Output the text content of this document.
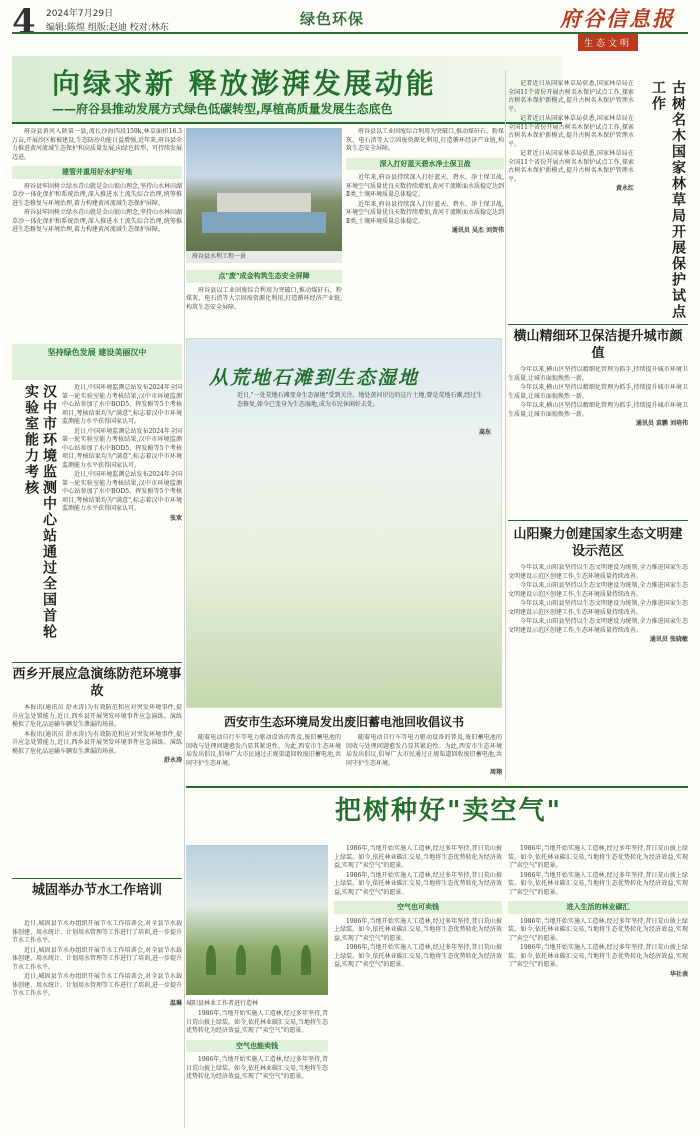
4 2024年7月29日
编辑:陈煌 组版:赵迪 校对:林东	绿色环保	府谷信息报
生态文明
向绿求新 释放澎湃发展动能
——府谷县推动发展方式绿色低碳转型,厚植高质量发展生态底色

府谷县黄河入陕第一县,流长沙海四段159k,林草面积16.3万亩,开展沙区植被建设,生态防沙功能日益增强,近年来,府谷县全力推进黄河流域生态保护和高质量发展,向绿色转型、可持续发展迈进。

建管并重用好水护好地

府谷县牢固树立绿水青山就是金山银山理念,坚持山水林田湖草沙一体化保护和系统治理,深入推进水土流失综合治理,统筹推进生态修复与环境治理,着力构建黄河流域生态保护屏障。

府谷县牢固树立绿水青山就是金山银山理念,坚持山水林田湖草沙一体化保护和系统治理,深入推进水土流失综合治理,统筹推进生态修复与环境治理,着力构建黄河流域生态保护屏障。

府谷县水利工程一景
点"废"成金构筑生态安全屏障

府谷县以工业固废综合利用为突破口,推动煤矸石、粉煤灰、电石渣等大宗固废资源化利用,打造循环经济产业链,构筑生态安全屏障。

府谷县以工业固废综合利用为突破口,推动煤矸石、粉煤灰、电石渣等大宗固废资源化利用,打造循环经济产业链,构筑生态安全屏障。

深入打好蓝天碧水净土保卫战

近年来,府谷县持续深入打好蓝天、碧水、净土保卫战,环境空气质量优良天数持续增加,黄河干流断面水质稳定达到Ⅱ类,土壤环境质量总体稳定。

近年来,府谷县持续深入打好蓝天、碧水、净土保卫战,环境空气质量优良天数持续增加,黄河干流断面水质稳定达到Ⅱ类,土壤环境质量总体稳定。

通讯员 吴杰 刘贺伟
坚持绿色发展 建设美丽汉中
汉中市环境监测中心站通过全国首轮实验室能力考核	近日,中国环境监测总站发布2024年全国第一轮实验室能力考核结果,汉中市环境监测中心站参加了水中BOD5、挥发酚等5个考核项目,考核结果均为"满意",标志着汉中市环境监测能力水平获得国家认可。

近日,中国环境监测总站发布2024年全国第一轮实验室能力考核结果,汉中市环境监测中心站参加了水中BOD5、挥发酚等5个考核项目,考核结果均为"满意",标志着汉中市环境监测能力水平获得国家认可。

近日,中国环境监测总站发布2024年全国第一轮实验室能力考核结果,汉中市环境监测中心站参加了水中BOD5、挥发酚等5个考核项目,考核结果均为"满意",标志着汉中市环境监测能力水平获得国家认可。

张欢
西乡开展应急演练防范环境事故

本报讯(通讯员 舒永涛)为有效防范和应对突发环境事件,提升应急处置能力,近日,西乡县开展突发环境事件应急演练。演练模拟了危化品运输车辆发生泄漏的场景。

本报讯(通讯员 舒永涛)为有效防范和应对突发环境事件,提升应急处置能力,近日,西乡县开展突发环境事件应急演练。演练模拟了危化品运输车辆发生泄漏的场景。

舒永涛
城固举办节水工作培训

近日,城固县节水办组织开展节水工作培训会,对全县节水载体创建、用水统计、计划用水管理等工作进行了培训,进一步提升节水工作水平。

近日,城固县节水办组织开展节水工作培训会,对全县节水载体创建、用水统计、计划用水管理等工作进行了培训,进一步提升节水工作水平。

近日,城固县节水办组织开展节水工作培训会,对全县节水载体创建、用水统计、计划用水管理等工作进行了培训,进一步提升节水工作水平。

温琳
从荒地石滩到生态湿地
近日,"一处荒地石滩变身生态湿地"受到关注。地处黄河岸边的这片土地,曾是荒地石滩,经过生态修复,如今已变身为生态湿地,成为市民休闲好去处。
高东
西安市生态环境局发出废旧蓄电池回收倡议书

随着电动自行车等电力驱动设备的普及,废旧蓄电池的回收与处理问题愈发凸显其紧迫性。为此,西安市生态环境局发出倡议,倡导广大市民通过正规渠道回收废旧蓄电池,共同守护生态环境。

随着电动自行车等电力驱动设备的普及,废旧蓄电池的回收与处理问题愈发凸显其紧迫性。为此,西安市生态环境局发出倡议,倡导广大市民通过正规渠道回收废旧蓄电池,共同守护生态环境。

周翔

记者近日从国家林草局获悉,国家林草局在全国11个省份开展古树名木保护试点工作,探索古树名木保护新模式,提升古树名木保护管理水平。

记者近日从国家林草局获悉,国家林草局在全国11个省份开展古树名木保护试点工作,探索古树名木保护新模式,提升古树名木保护管理水平。

记者近日从国家林草局获悉,国家林草局在全国11个省份开展古树名木保护试点工作,探索古树名木保护新模式,提升古树名木保护管理水平。

黄永红	古树名木国家林草局开展保护试点工作
横山精细环卫保洁提升城市颜值

今年以来,横山区坚持以精细化管理为抓手,持续提升城市环境卫生质量,让城市面貌焕然一新。

今年以来,横山区坚持以精细化管理为抓手,持续提升城市环境卫生质量,让城市面貌焕然一新。

今年以来,横山区坚持以精细化管理为抓手,持续提升城市环境卫生质量,让城市面貌焕然一新。

通讯员 袁鹏 刘培伟
山阳聚力创建国家生态文明建设示范区

今年以来,山阳县坚持以生态文明建设为统领,全力推进国家生态文明建设示范区创建工作,生态环境质量持续改善。

今年以来,山阳县坚持以生态文明建设为统领,全力推进国家生态文明建设示范区创建工作,生态环境质量持续改善。

今年以来,山阳县坚持以生态文明建设为统领,全力推进国家生态文明建设示范区创建工作,生态环境质量持续改善。

今年以来,山阳县坚持以生态文明建设为统领,全力推进国家生态文明建设示范区创建工作,生态环境质量持续改善。

通讯员 张晓敏
把树种好"卖空气"
城阳县林业工作者进行造林

1986年,当地开始实施人工造林,经过多年坚持,昔日荒山披上绿装。如今,依托林业碳汇交易,当地将生态优势转化为经济效益,实现了"卖空气"的愿景。

空气也能卖钱

1986年,当地开始实施人工造林,经过多年坚持,昔日荒山披上绿装。如今,依托林业碳汇交易,当地将生态优势转化为经济效益,实现了"卖空气"的愿景。

1986年,当地开始实施人工造林,经过多年坚持,昔日荒山披上绿装。如今,依托林业碳汇交易,当地将生态优势转化为经济效益,实现了"卖空气"的愿景。

1986年,当地开始实施人工造林,经过多年坚持,昔日荒山披上绿装。如今,依托林业碳汇交易,当地将生态优势转化为经济效益,实现了"卖空气"的愿景。

空气也可卖钱

1986年,当地开始实施人工造林,经过多年坚持,昔日荒山披上绿装。如今,依托林业碳汇交易,当地将生态优势转化为经济效益,实现了"卖空气"的愿景。

1986年,当地开始实施人工造林,经过多年坚持,昔日荒山披上绿装。如今,依托林业碳汇交易,当地将生态优势转化为经济效益,实现了"卖空气"的愿景。

1986年,当地开始实施人工造林,经过多年坚持,昔日荒山披上绿装。如今,依托林业碳汇交易,当地将生态优势转化为经济效益,实现了"卖空气"的愿景。

1986年,当地开始实施人工造林,经过多年坚持,昔日荒山披上绿装。如今,依托林业碳汇交易,当地将生态优势转化为经济效益,实现了"卖空气"的愿景。

进入生活的林业碳汇

1986年,当地开始实施人工造林,经过多年坚持,昔日荒山披上绿装。如今,依托林业碳汇交易,当地将生态优势转化为经济效益,实现了"卖空气"的愿景。

1986年,当地开始实施人工造林,经过多年坚持,昔日荒山披上绿装。如今,依托林业碳汇交易,当地将生态优势转化为经济效益,实现了"卖空气"的愿景。

华社表
